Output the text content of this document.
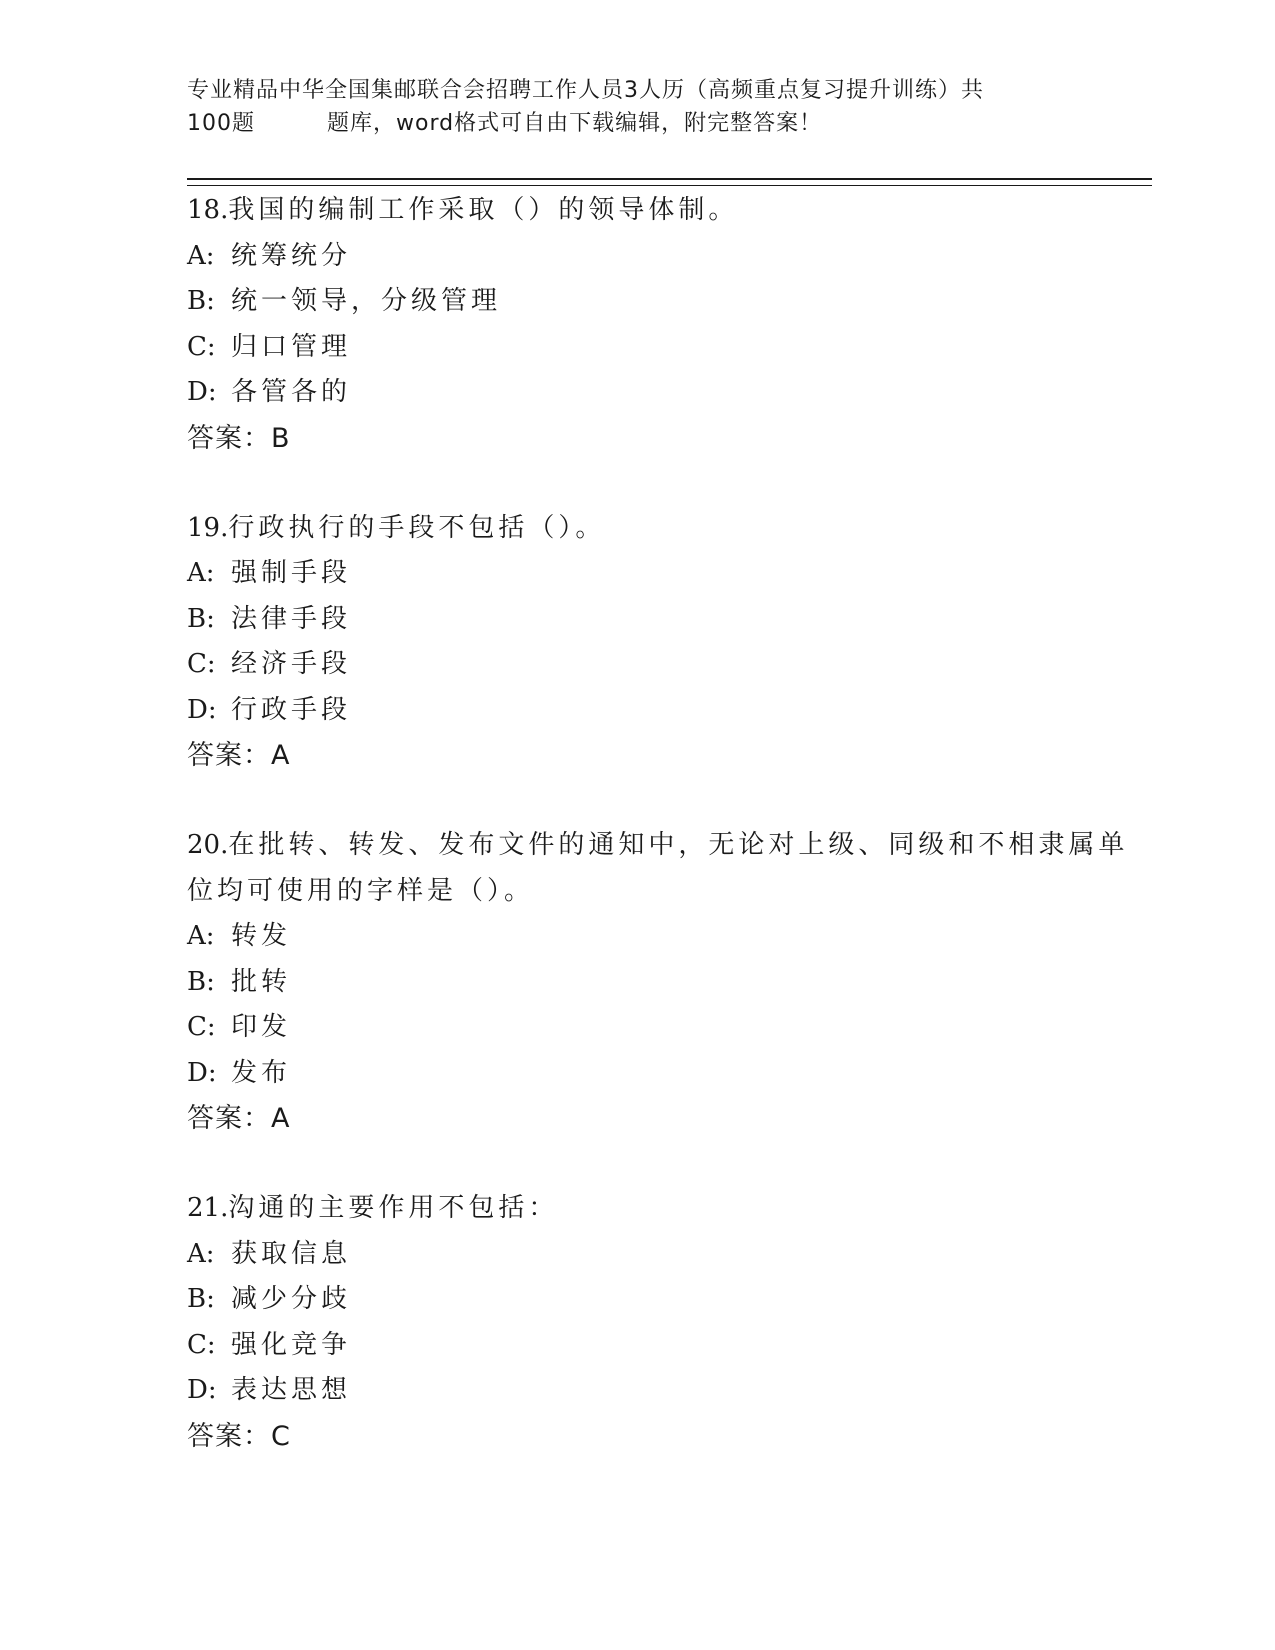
专业精品中华全国集邮联合会招聘工作人员3人历（高频重点复习提升训练）共
100题	题库，word格式可自由下载编辑，附完整答案！
18.我国的编制工作采取（）的领导体制。
A: 统筹统分
B: 统一领导，分级管理
C: 归口管理
D: 各管各的
答案：B
19.行政执行的手段不包括（）。
A: 强制手段
B: 法律手段
C: 经济手段
D: 行政手段
答案：A
20.在批转、转发、发布文件的通知中，无论对上级、同级和不相隶属单位均可使用的字样是（）。
A: 转发
B: 批转
C: 印发
D: 发布
答案：A
21.沟通的主要作用不包括：
A: 获取信息
B: 减少分歧
C: 强化竞争
D: 表达思想
答案：C
